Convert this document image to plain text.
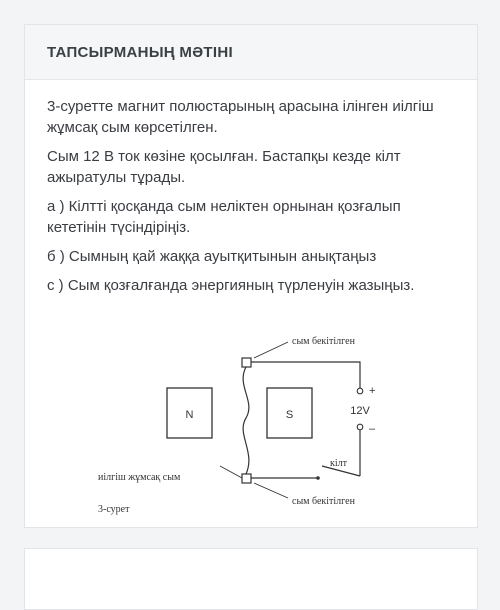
ТАПСЫРМАНЫҢ МӘТІНІ

3-суретте магнит полюстарының арасына ілінген иілгіш жұмсақ сым көрсетілген.

Сым 12 В ток көзіне қосылған. Бастапқы кезде кілт ажыратулы тұрады.

а ) Кілтті қосқанда сым неліктен орнынан қозғалып кететінін түсіндіріңіз.

б ) Сымның қай жаққа ауытқитынын анықтаңыз

с ) Сым қозғалғанда энергияның түрленуін жазыңыз.

N	S
+
12V
–
сым бекітілген
кілт
иілгіш жұмсақ сым
сым бекітілген
3-сурет
